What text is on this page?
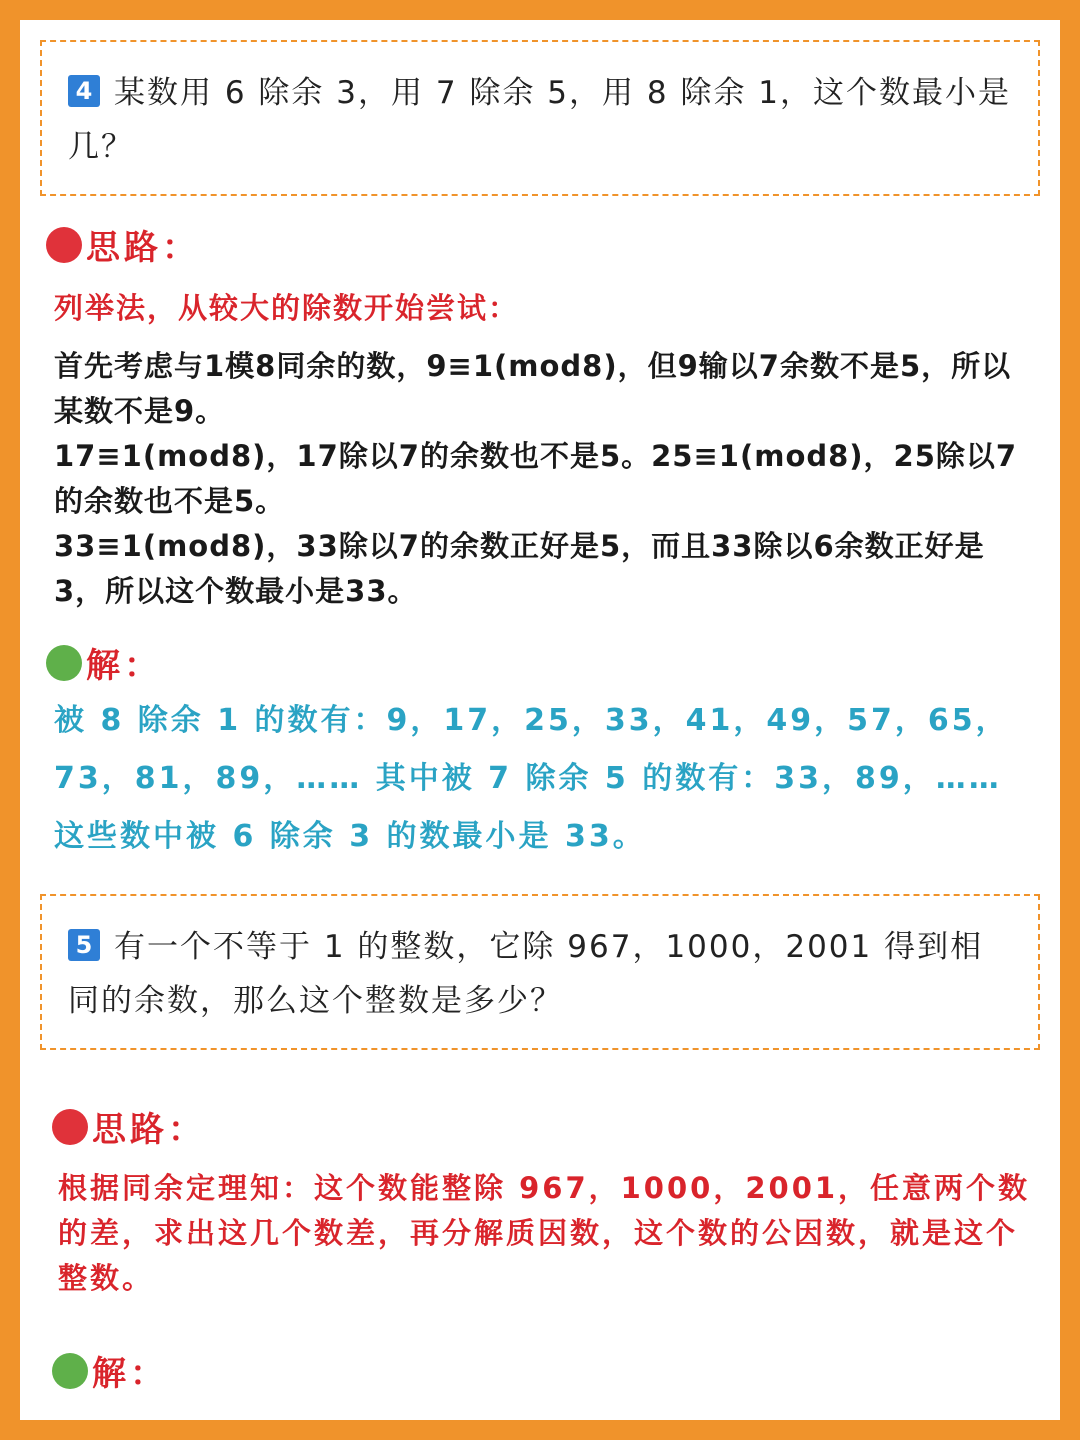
4 某数用 6 除余 3，用 7 除余 5，用 8 除余 1，这个数最小是几？
思路：
列举法，从较大的除数开始尝试：

首先考虑与1模8同余的数，9≡1(mod8)，但9输以7余数不是5，所以某数不是9。

17≡1(mod8)，17除以7的余数也不是5。25≡1(mod8)，25除以7的余数也不是5。

33≡1(mod8)，33除以7的余数正好是5，而且33除以6余数正好是3，所以这个数最小是33。

解：
被 8 除余 1 的数有：9，17，25，33，41，49，57，65，73，81，89，…… 其中被 7 除余 5 的数有：33，89，…… 这些数中被 6 除余 3 的数最小是 33。
5 有一个不等于 1 的整数，它除 967，1000，2001 得到相同的余数，那么这个整数是多少？
思路：
根据同余定理知：这个数能整除 967，1000，2001，任意两个数的差，求出这几个数差，再分解质因数，这个数的公因数，就是这个整数。
解：
